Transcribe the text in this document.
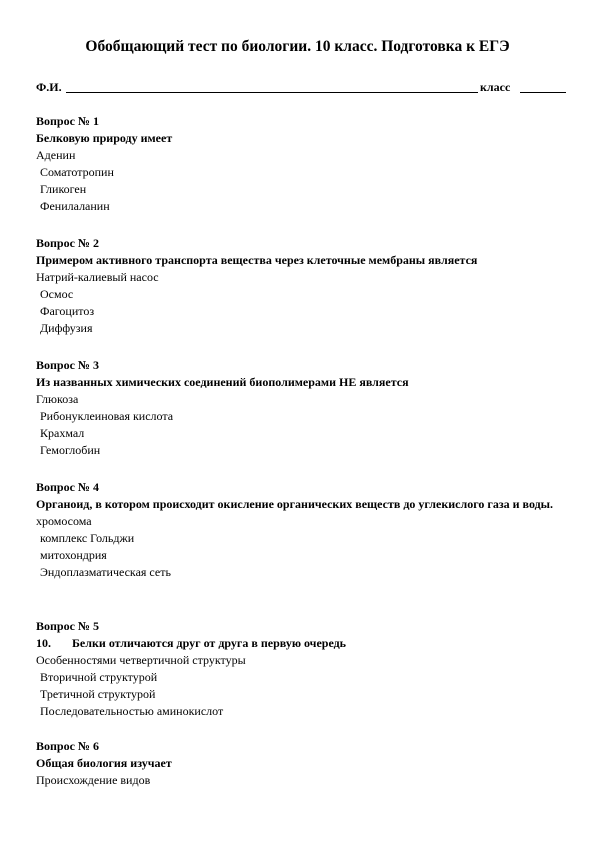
Обобщающий тест по биологии. 10 класс. Подготовка к ЕГЭ
Ф.И.	класс
Вопрос № 1
Белковую природу имеет
Аденин
Соматотропин
Гликоген
Фенилаланин
Вопрос № 2
Примером активного транспорта вещества через клеточные мембраны является
Натрий-калиевый насос
Осмос
Фагоцитоз
Диффузия
Вопрос № 3
Из названных химических соединений биополимерами НЕ является
Глюкоза
Рибонуклеиновая кислота
Крахмал
Гемоглобин
Вопрос № 4
Органоид, в котором происходит окисление органических веществ до углекислого газа и воды.
хромосома
комплекс Гольджи
митохондрия
Эндоплазматическая сеть
Вопрос № 5
10. Белки отличаются друг от друга в первую очередь
Особенностями четвертичной структуры
Вторичной структурой
Третичной структурой
Последовательностью аминокислот
Вопрос № 6
Общая биология изучает
Происхождение видов
